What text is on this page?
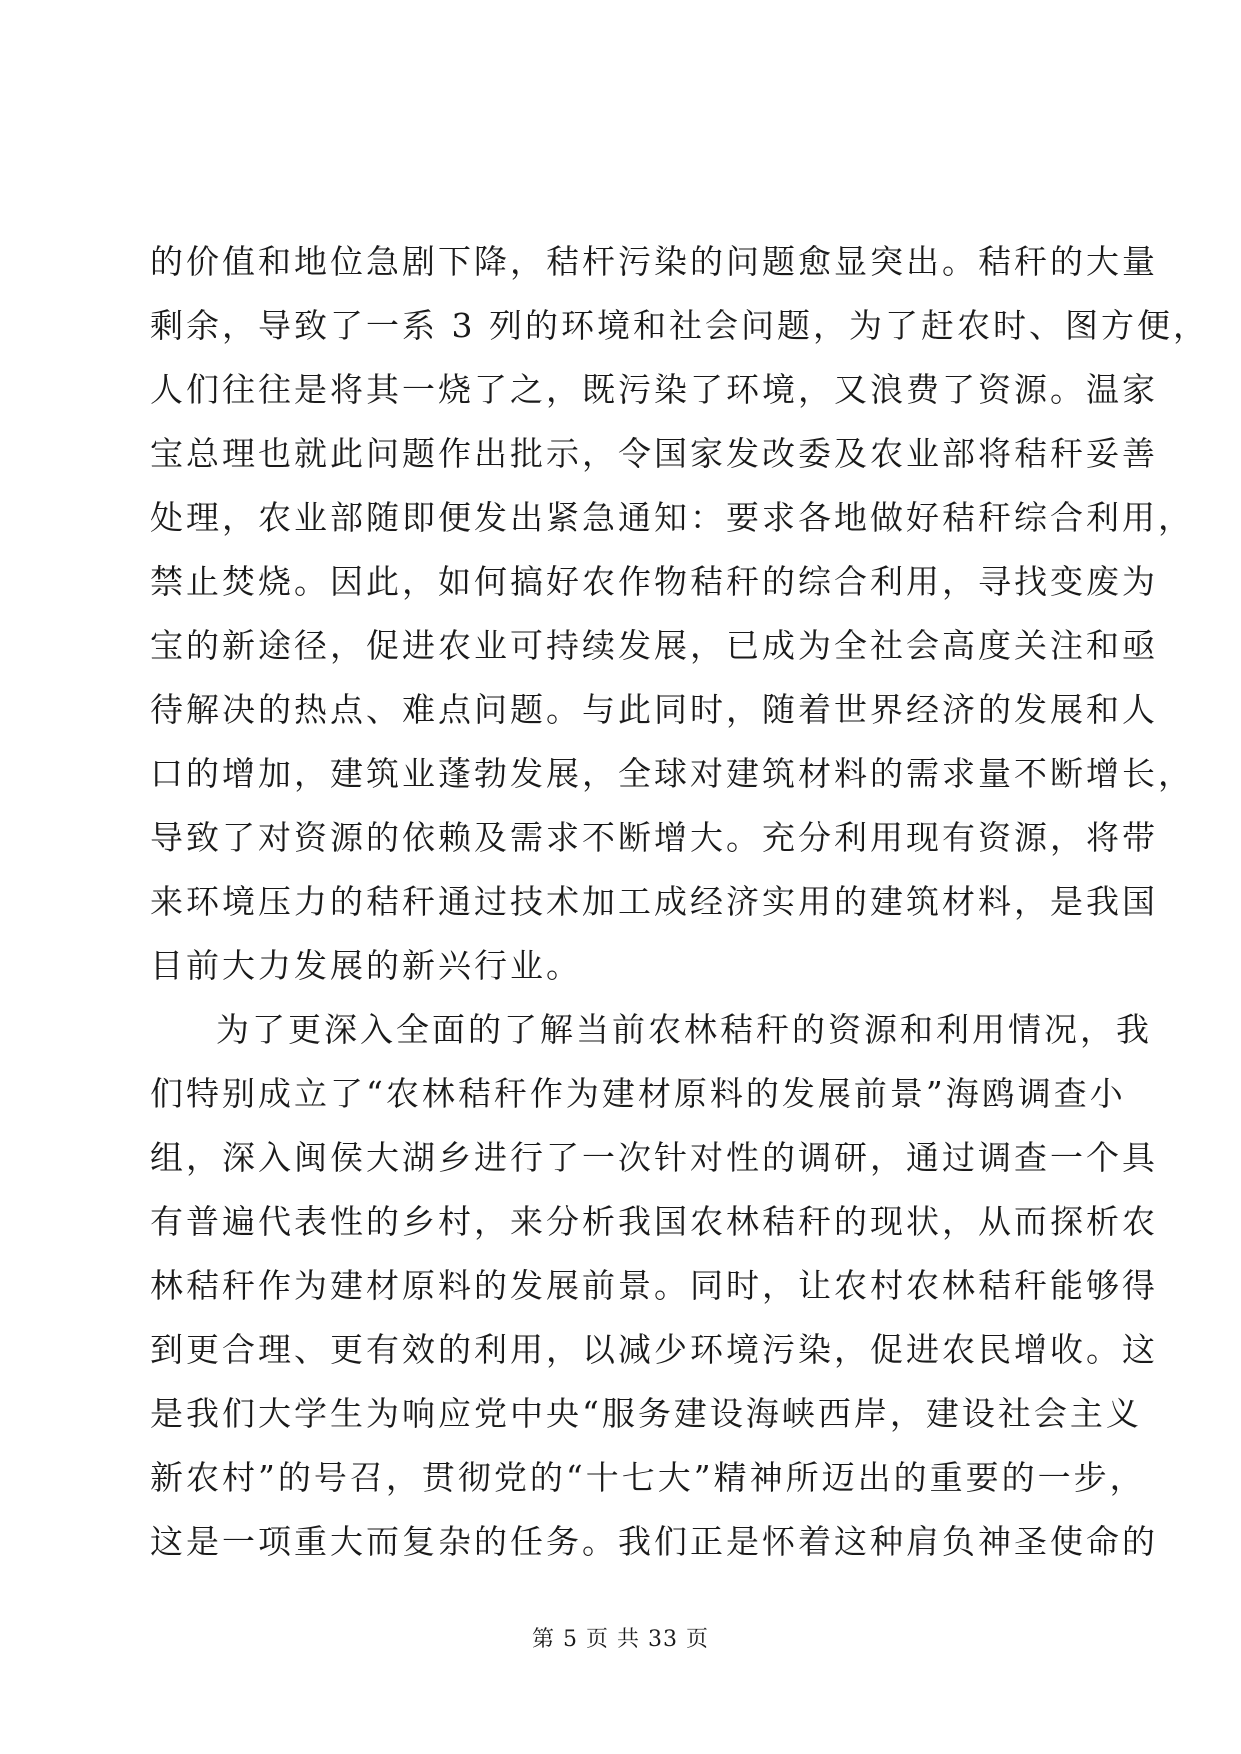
的价值和地位急剧下降，秸杆污染的问题愈显突出。秸秆的大量
剩余，导致了一系 3 列的环境和社会问题，为了赶农时、图方便，
人们往往是将其一烧了之，既污染了环境，又浪费了资源。温家
宝总理也就此问题作出批示，令国家发改委及农业部将秸秆妥善
处理，农业部随即便发出紧急通知：要求各地做好秸秆综合利用，
禁止焚烧。因此，如何搞好农作物秸秆的综合利用，寻找变废为
宝的新途径，促进农业可持续发展，已成为全社会高度关注和亟
待解决的热点、难点问题。与此同时，随着世界经济的发展和人
口的增加，建筑业蓬勃发展，全球对建筑材料的需求量不断增长，
导致了对资源的依赖及需求不断增大。充分利用现有资源，将带
来环境压力的秸秆通过技术加工成经济实用的建筑材料，是我国
目前大力发展的新兴行业。
为了更深入全面的了解当前农林秸秆的资源和利用情况，我
们特别成立了“农林秸秆作为建材原料的发展前景”海鸥调查小
组，深入闽侯大湖乡进行了一次针对性的调研，通过调查一个具
有普遍代表性的乡村，来分析我国农林秸秆的现状，从而探析农
林秸秆作为建材原料的发展前景。同时，让农村农林秸秆能够得
到更合理、更有效的利用，以减少环境污染，促进农民增收。这
是我们大学生为响应党中央“服务建设海峡西岸，建设社会主义
新农村”的号召，贯彻党的“十七大”精神所迈出的重要的一步，
这是一项重大而复杂的任务。我们正是怀着这种肩负神圣使命的
第 5 页 共 33 页
